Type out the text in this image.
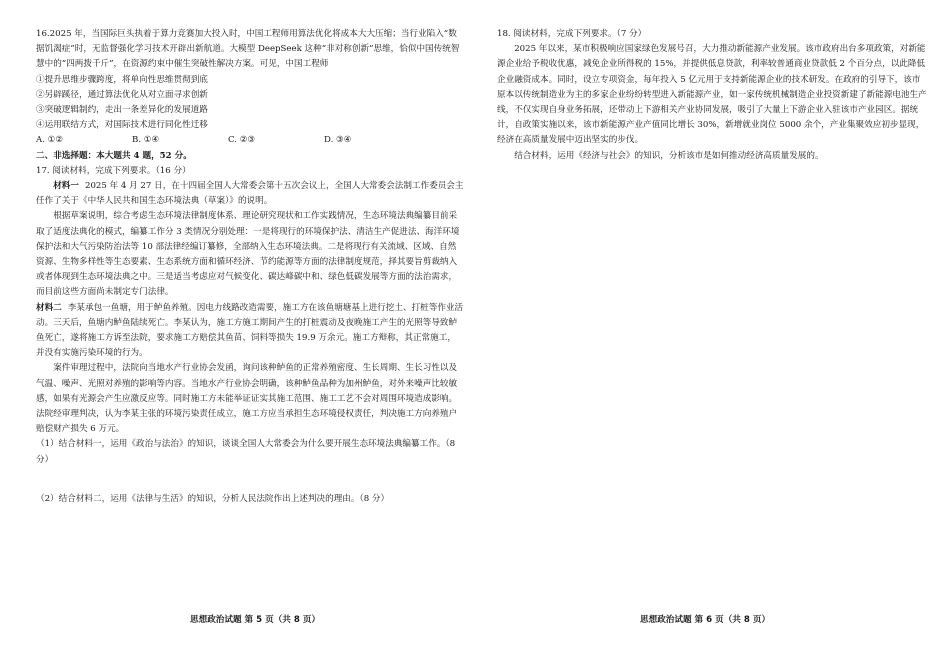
16.2025 年，当国际巨头执着于算力竞赛加大投入时，中国工程师用算法优化将成本大大压缩；当行业陷入“数据饥渴症”时，无监督强化学习技术开辟出新航道。大模型 DeepSeek 这种“非对称创新”思维，恰似中国传统智慧中的“四两拨千斤”，在资源约束中催生突破性解决方案。可见，中国工程师

①提升思维步骤跨度，将单向性思维贯彻到底

②另辟蹊径，通过算法优化从对立面寻求创新

③突破逻辑制约，走出一条差异化的发展道路

④运用联结方式，对国际技术进行同化性迁移

A. ①②	B. ①④	C. ②③	D. ③④

二、非选择题：本大题共 4 题，52 分。

17. 阅读材料，完成下列要求。（16 分）

材料一 2025 年 4 月 27 日，在十四届全国人大常委会第十五次会议上，全国人大常委会法制工作委员会主任作了关于《中华人民共和国生态环境法典（草案）》的说明。

根据草案说明，综合考虑生态环境法律制度体系、理论研究现状和工作实践情况，生态环境法典编纂目前采取了适度法典化的模式，编纂工作分 3 类情况分别处理：一是将现行的环境保护法、清洁生产促进法、海洋环境保护法和大气污染防治法等 10 部法律经编订纂修，全部纳入生态环境法典。二是将现行有关流域、区域、自然资源、生物多样性等生态要素、生态系统方面和循环经济、节约能源等方面的法律制度规范，择其要旨剪裁纳入或者体现到生态环境法典之中。三是适当考虑应对气候变化、碳达峰碳中和、绿色低碳发展等方面的法治需求，而目前这些方面尚未制定专门法律。

材料二 李某承包一鱼塘，用于鲈鱼养殖。因电力线路改造需要，施工方在该鱼塘塘基上进行挖土、打桩等作业活动。三天后，鱼塘内鲈鱼陆续死亡。李某认为，施工方施工期间产生的打桩震动及夜晚施工产生的光照等导致鲈鱼死亡，遂将施工方诉至法院，要求施工方赔偿其鱼苗、饲料等损失 19.9 万余元。施工方辩称，其正常施工，并没有实施污染环境的行为。

案件审理过程中，法院向当地水产行业协会发函，询问该种鲈鱼的正常养殖密度、生长周期、生长习性以及气温、噪声、光照对养殖的影响等内容。当地水产行业协会明确，该种鲈鱼品种为加州鲈鱼，对外来噪声比较敏感，如果有光源会产生应激反应等。同时施工方未能举证证实其施工范围、施工工艺不会对周围环境造成影响。法院经审理判决，认为李某主张的环境污染责任成立，施工方应当承担生态环境侵权责任，判决施工方向养殖户赔偿财产损失 6 万元。

（1）结合材料一，运用《政治与法治》的知识，谈谈全国人大常委会为什么要开展生态环境法典编纂工作。（8 分）

（2）结合材料二，运用《法律与生活》的知识，分析人民法院作出上述判决的理由。（8 分）

思想政治试题 第 5 页（共 8 页）

18. 阅读材料，完成下列要求。（7 分）

2025 年以来，某市积极响应国家绿色发展号召，大力推动新能源产业发展。该市政府出台多项政策，对新能源企业给予税收优惠，减免企业所得税的 15%，并提供低息贷款，利率较普通商业贷款低 2 个百分点，以此降低企业融资成本。同时，设立专项资金，每年投入 5 亿元用于支持新能源企业的技术研发。在政府的引导下，该市原本以传统制造业为主的多家企业纷纷转型进入新能源产业，如一家传统机械制造企业投资新建了新能源电池生产线，不仅实现自身业务拓展，还带动上下游相关产业协同发展，吸引了大量上下游企业入驻该市产业园区。据统计，自政策实施以来，该市新能源产业产值同比增长 30%，新增就业岗位 5000 余个，产业集聚效应初步显现，经济在高质量发展中迈出坚实的步伐。

结合材料，运用《经济与社会》的知识，分析该市是如何推动经济高质量发展的。

思想政治试题 第 6 页（共 8 页）
